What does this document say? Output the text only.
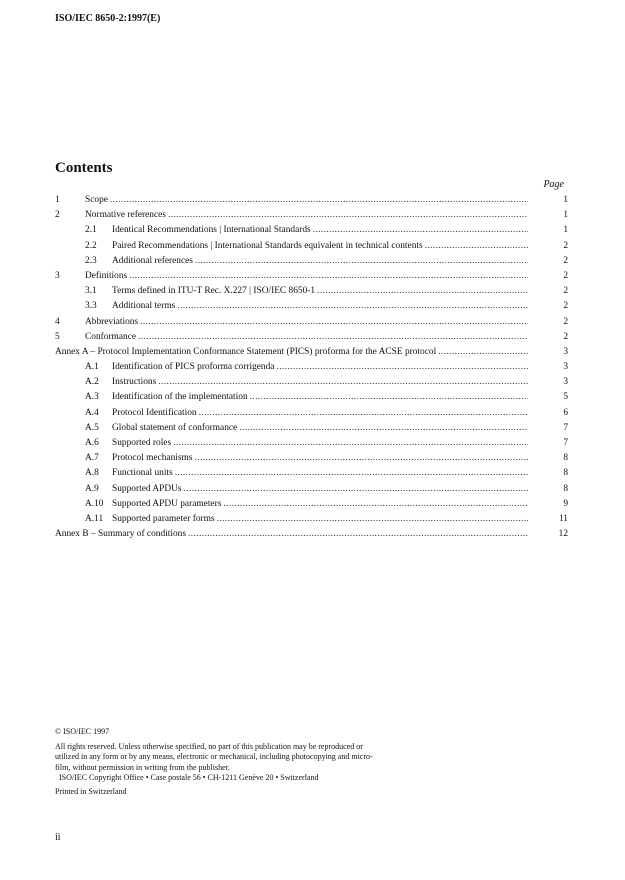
ISO/IEC 8650-2:1997(E)
Contents
Page
1	Scope .....	1
2	Normative references .....	1
2.1 Identical Recommendations | International Standards .....	1
2.2 Paired Recommendations | International Standards equivalent in technical contents .....	2
2.3 Additional references .....	2
3	Definitions .....	2
3.1 Terms defined in ITU-T Rec. X.227 | ISO/IEC 8650-1 .....	2
3.3 Additional terms .....	2
4	Abbreviations .....	2
5	Conformance .....	2
Annex A – Protocol Implementation Conformance Statement (PICS) proforma for the ACSE protocol .....	3
A.1 Identification of PICS proforma corrigenda .....	3
A.2 Instructions .....	3
A.3 Identification of the implementation .....	5
A.4 Protocol Identification .....	6
A.5 Global statement of conformance .....	7
A.6 Supported roles .....	7
A.7 Protocol mechanisms .....	8
A.8 Functional units .....	8
A.9 Supported APDUs .....	8
A.10 Supported APDU parameters .....	9
A.11 Supported parameter forms .....	11
Annex B – Summary of conditions .....	12
© ISO/IEC 1997
All rights reserved. Unless otherwise specified, no part of this publication may be reproduced or
utilized in any form or by any means, electronic or mechanical, including photocopying and micro-
film, without permission in writing from the publisher.
ISO/IEC Copyright Office • Case postale 56 • CH-1211 Genève 20 • Switzerland
Printed in Switzerland
ii
